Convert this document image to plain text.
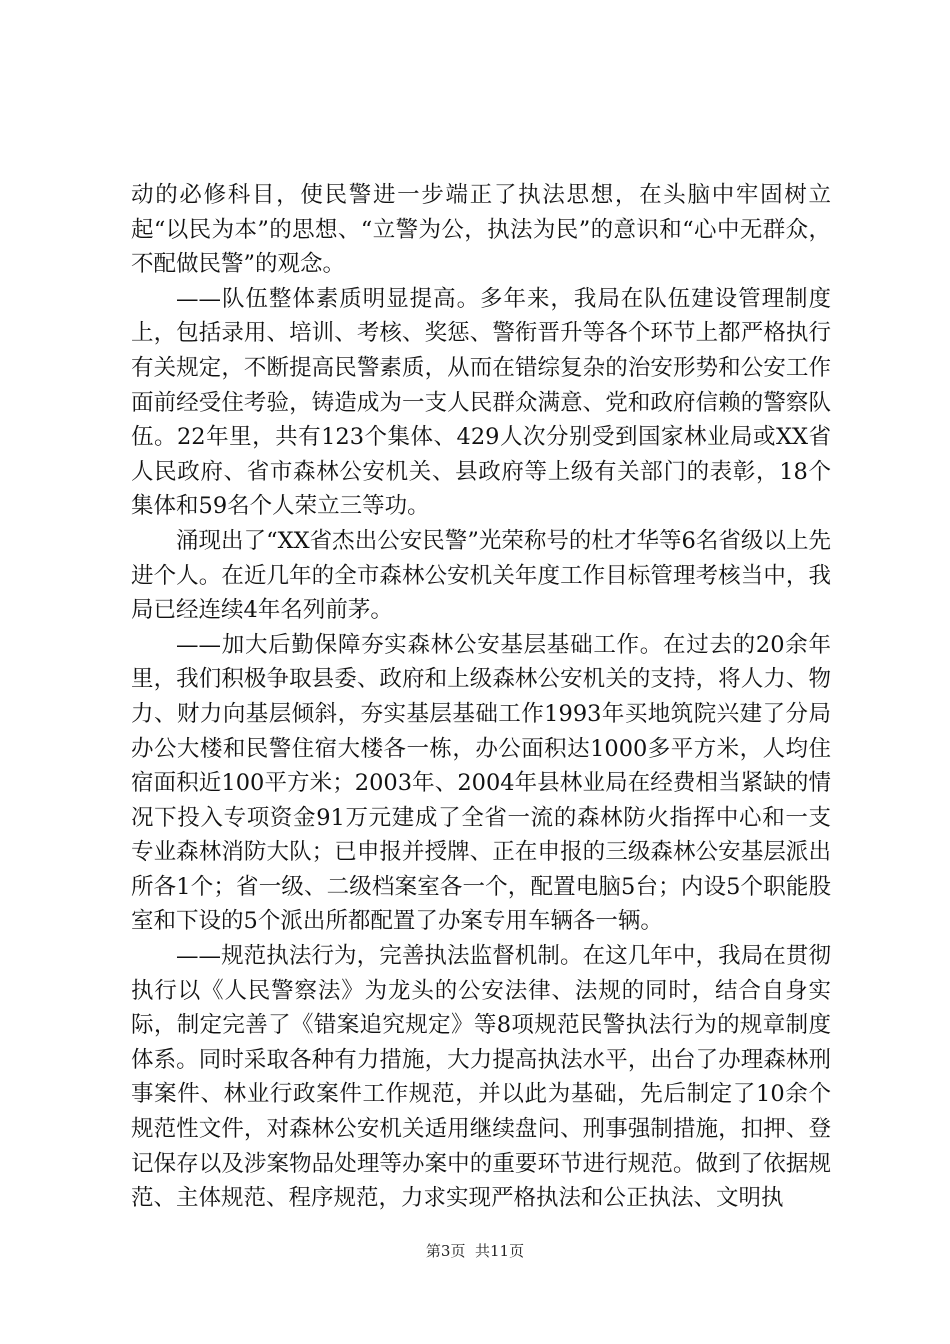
动的必修科目，使民警进一步端正了执法思想，在头脑中牢固树立起“以民为本”的思想、“立警为公，执法为民”的意识和“心中无群众，不配做民警”的观念。

——队伍整体素质明显提高。多年来，我局在队伍建设管理制度上，包括录用、培训、考核、奖惩、警衔晋升等各个环节上都严格执行有关规定，不断提高民警素质，从而在错综复杂的治安形势和公安工作面前经受住考验，铸造成为一支人民群众满意、党和政府信赖的警察队伍。22年里，共有123个集体、429人次分别受到国家林业局或XX省人民政府、省市森林公安机关、县政府等上级有关部门的表彰，18个集体和59名个人荣立三等功。

涌现出了“XX省杰出公安民警”光荣称号的杜才华等6名省级以上先进个人。在近几年的全市森林公安机关年度工作目标管理考核当中，我局已经连续4年名列前茅。

——加大后勤保障夯实森林公安基层基础工作。在过去的20余年里，我们积极争取县委、政府和上级森林公安机关的支持，将人力、物力、财力向基层倾斜，夯实基层基础工作1993年买地筑院兴建了分局办公大楼和民警住宿大楼各一栋，办公面积达1000多平方米，人均住宿面积近100平方米；2003年、2004年县林业局在经费相当紧缺的情况下投入专项资金91万元建成了全省一流的森林防火指挥中心和一支专业森林消防大队；已申报并授牌、正在申报的三级森林公安基层派出所各1个；省一级、二级档案室各一个，配置电脑5台；内设5个职能股室和下设的5个派出所都配置了办案专用车辆各一辆。

——规范执法行为，完善执法监督机制。在这几年中，我局在贯彻执行以《人民警察法》为龙头的公安法律、法规的同时，结合自身实际，制定完善了《错案追究规定》等8项规范民警执法行为的规章制度体系。同时采取各种有力措施，大力提高执法水平，出台了办理森林刑事案件、林业行政案件工作规范，并以此为基础，先后制定了10余个规范性文件，对森林公安机关适用继续盘问、刑事强制措施，扣押、登记保存以及涉案物品处理等办案中的重要环节进行规范。做到了依据规范、主体规范、程序规范，力求实现严格执法和公正执法、文明执

第3页  共11页
